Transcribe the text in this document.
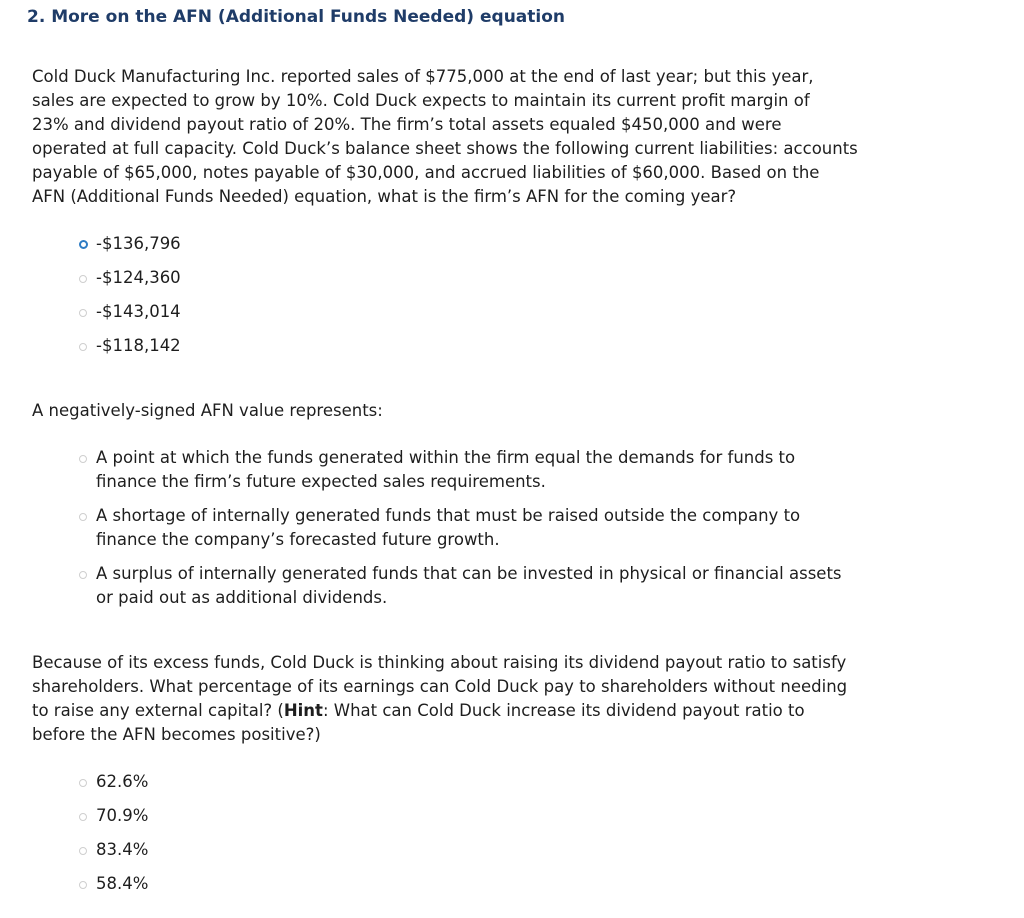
2. More on the AFN (Additional Funds Needed) equation
Cold Duck Manufacturing Inc. reported sales of $775,000 at the end of last year; but this year,
sales are expected to grow by 10%. Cold Duck expects to maintain its current profit margin of
23% and dividend payout ratio of 20%. The firm’s total assets equaled $450,000 and were
operated at full capacity. Cold Duck’s balance sheet shows the following current liabilities: accounts
payable of $65,000, notes payable of $30,000, and accrued liabilities of $60,000. Based on the
AFN (Additional Funds Needed) equation, what is the firm’s AFN for the coming year?
-$136,796
-$124,360
-$143,014
-$118,142
A negatively-signed AFN value represents:
A point at which the funds generated within the firm equal the demands for funds to
finance the firm’s future expected sales requirements.
A shortage of internally generated funds that must be raised outside the company to
finance the company’s forecasted future growth.
A surplus of internally generated funds that can be invested in physical or financial assets
or paid out as additional dividends.
Because of its excess funds, Cold Duck is thinking about raising its dividend payout ratio to satisfy
shareholders. What percentage of its earnings can Cold Duck pay to shareholders without needing
to raise any external capital? (Hint: What can Cold Duck increase its dividend payout ratio to
before the AFN becomes positive?)
62.6%
70.9%
83.4%
58.4%
